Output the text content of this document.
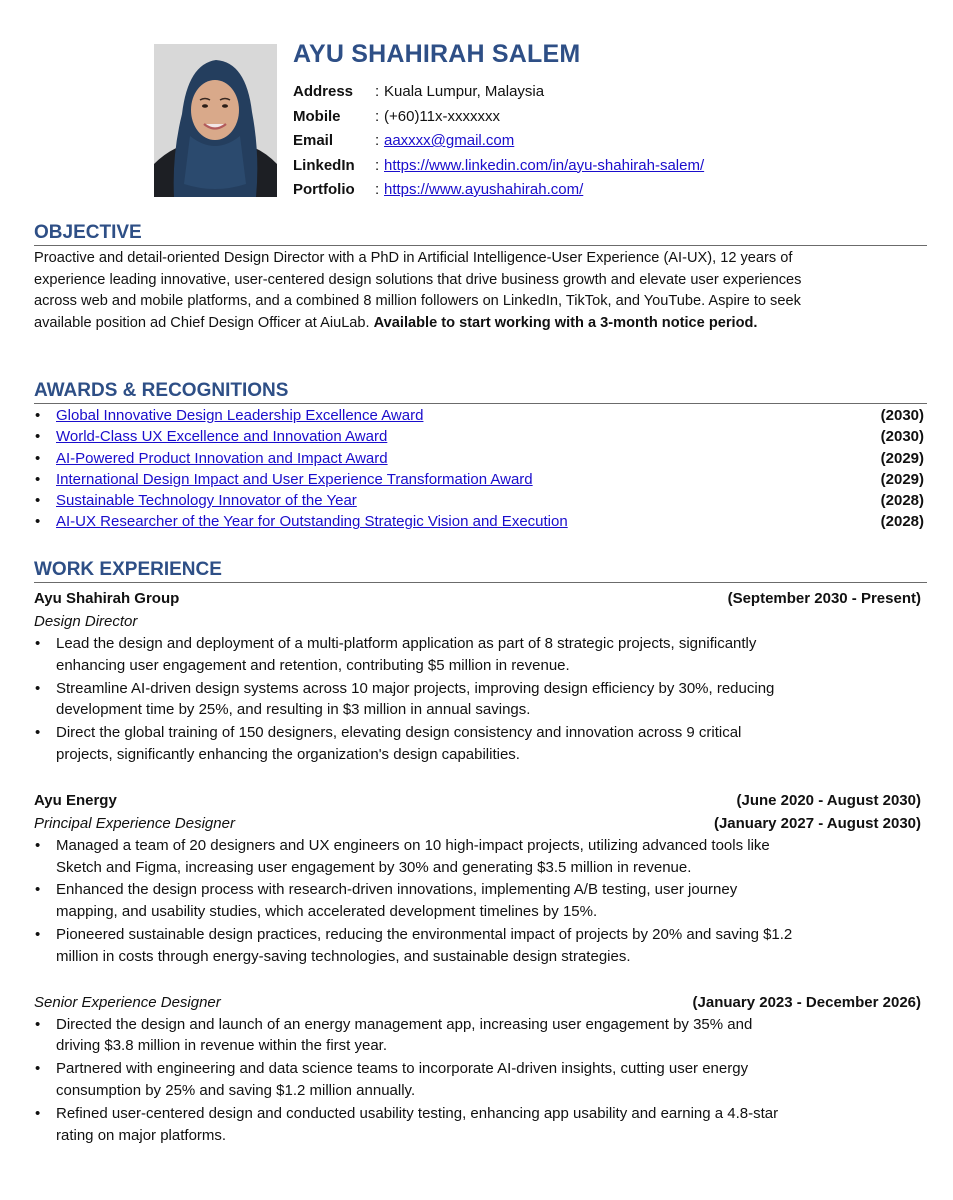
AYU SHAHIRAH SALEM
Address	: Kuala Lumpur, Malaysia
Mobile	: (+60)11x-xxxxxxx
Email	: aaxxxx@gmail.com
LinkedIn	: https://www.linkedin.com/in/ayu-shahirah-salem/
Portfolio	: https://www.ayushahirah.com/
OBJECTIVE
Proactive and detail-oriented Design Director with a PhD in Artificial Intelligence-User Experience (AI-UX), 12 years of experience leading innovative, user-centered design solutions that drive business growth and elevate user experiences across web and mobile platforms, and a combined 8 million followers on LinkedIn, TikTok, and YouTube. Aspire to seek available position ad Chief Design Officer at AiuLab. Available to start working with a 3-month notice period.
AWARDS & RECOGNITIONS
•	Global Innovative Design Leadership Excellence Award	(2030)
•	World-Class UX Excellence and Innovation Award	(2030)
•	AI-Powered Product Innovation and Impact Award	(2029)
•	International Design Impact and User Experience Transformation Award	(2029)
•	Sustainable Technology Innovator of the Year	(2028)
•	AI-UX Researcher of the Year for Outstanding Strategic Vision and Execution	(2028)
WORK EXPERIENCE
Ayu Shahirah Group	(September 2030 - Present)
Design Director
•	Lead the design and deployment of a multi-platform application as part of 8 strategic projects, significantly enhancing user engagement and retention, contributing $5 million in revenue.
•	Streamline AI-driven design systems across 10 major projects, improving design efficiency by 30%, reducing development time by 25%, and resulting in $3 million in annual savings.
•	Direct the global training of 150 designers, elevating design consistency and innovation across 9 critical projects, significantly enhancing the organization's design capabilities.
Ayu Energy	(June 2020 - August 2030)
Principal Experience Designer	(January 2027 - August 2030)
•	Managed a team of 20 designers and UX engineers on 10 high-impact projects, utilizing advanced tools like Sketch and Figma, increasing user engagement by 30% and generating $3.5 million in revenue.
•	Enhanced the design process with research-driven innovations, implementing A/B testing, user journey mapping, and usability studies, which accelerated development timelines by 15%.
•	Pioneered sustainable design practices, reducing the environmental impact of projects by 20% and saving $1.2 million in costs through energy-saving technologies, and sustainable design strategies.
Senior Experience Designer	(January 2023 - December 2026)
•	Directed the design and launch of an energy management app, increasing user engagement by 35% and driving $3.8 million in revenue within the first year.
•	Partnered with engineering and data science teams to incorporate AI-driven insights, cutting user energy consumption by 25% and saving $1.2 million annually.
•	Refined user-centered design and conducted usability testing, enhancing app usability and earning a 4.8-star rating on major platforms.
